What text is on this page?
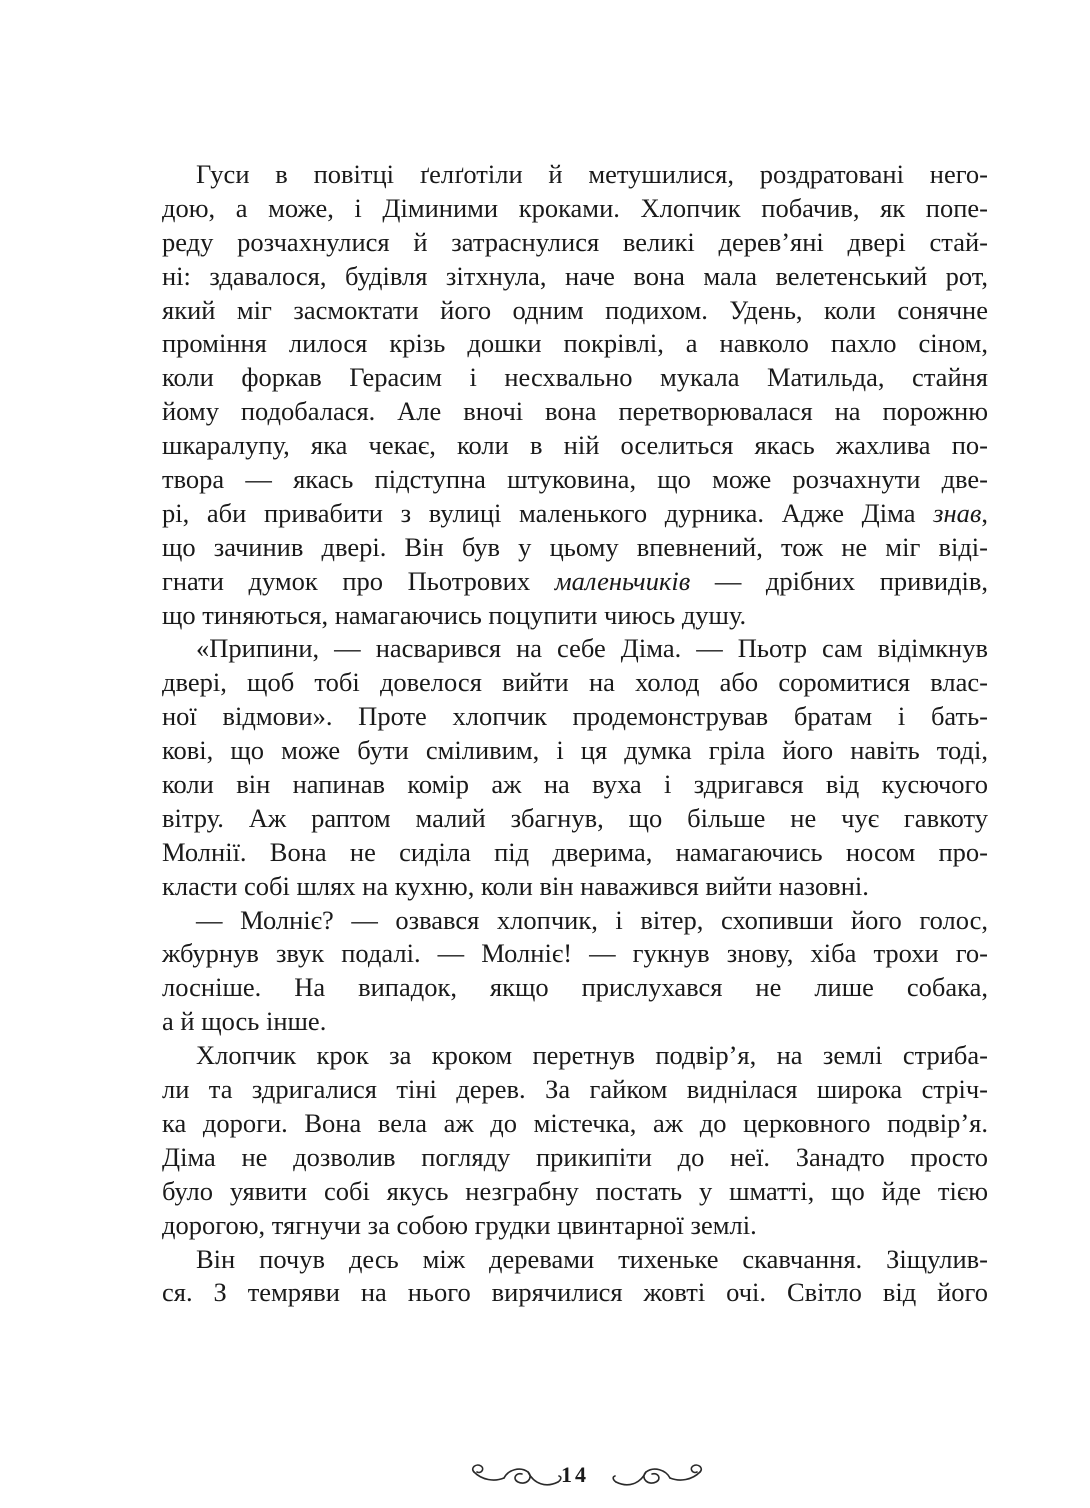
Гуси в повітці ґелґотіли й метушилися, роздратовані него-
дою, а може, і Діминими кроками. Хлопчик побачив, як попе-
реду розчахнулися й затраснулися великі дерев’яні двері стай-
ні: здавалося, будівля зітхнула, наче вона мала велетенський рот,
який міг засмоктати його одним подихом. Удень, коли сонячне
проміння лилося крізь дошки покрівлі, а навколо пахло сіном,
коли форкав Герасим і несхвально мукала Матильда, стайня
йому подобалася. Але вночі вона перетворювалася на порожню
шкаралупу, яка чекає, коли в ній оселиться якась жахлива по-
твора — якась підступна штуковина, що може розчахнути две-
рі, аби привабити з вулиці маленького дурника. Адже Діма знав,
що зачинив двері. Він був у цьому впевнений, тож не міг віді-
гнати думок про Пьотрових маленьчиків — дрібних привидів,
що тиняються, намагаючись поцупити чиюсь душу.
«Припини, — насварився на себе Діма. — Пьотр сам відімкнув
двері, щоб тобі довелося вийти на холод або соромитися влас-
ної відмови». Проте хлопчик продемонстрував братам і бать-
кові, що може бути сміливим, і ця думка гріла його навіть тоді,
коли він напинав комір аж на вуха і здригався від кусючого
вітру. Аж раптом малий збагнув, що більше не чує гавкоту
Молнії. Вона не сиділа під дверима, намагаючись носом про-
класти собі шлях на кухню, коли він наважився вийти назовні.
— Молніє? — озвався хлопчик, і вітер, схопивши його голос,
жбурнув звук подалі. — Молніє! — гукнув знову, хіба трохи го-
лосніше. На випадок, якщо прислухався не лише собака,
а й щось інше.
Хлопчик крок за кроком перетнув подвір’я, на землі стриба-
ли та здригалися тіні дерев. За гайком виднілася широка стріч-
ка дороги. Вона вела аж до містечка, аж до церковного подвір’я.
Діма не дозволив погляду прикипіти до неї. Занадто просто
було уявити собі якусь незграбну постать у шматті, що йде тією
дорогою, тягнучи за собою грудки цвинтарної землі.
Він почув десь між деревами тихеньке скавчання. Зіщулив-
ся. З темряви на нього вирячилися жовті очі. Світло від його
14
